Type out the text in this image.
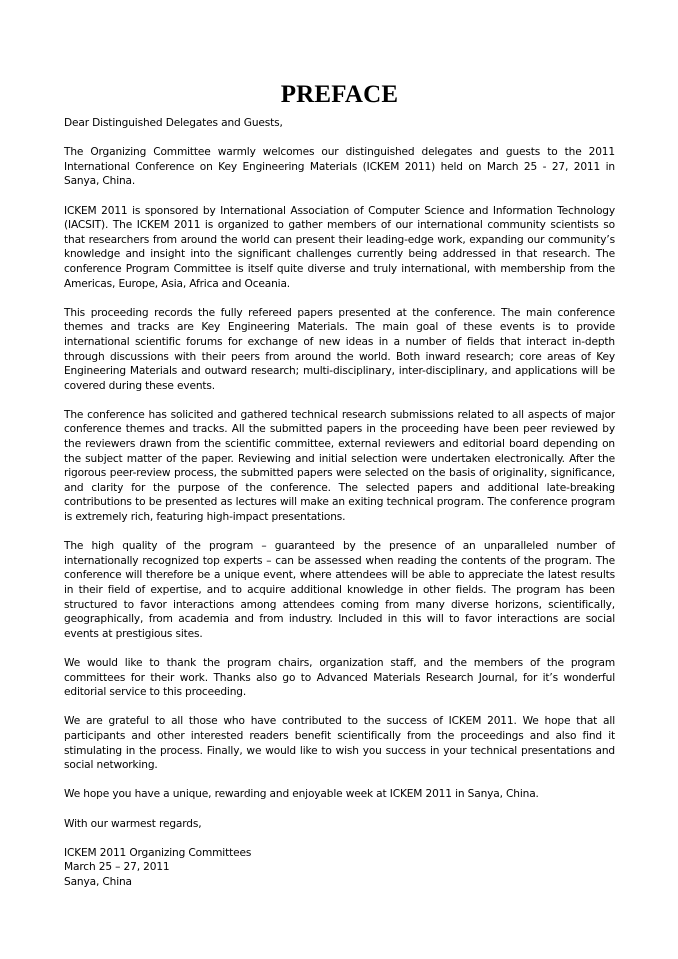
PREFACE

Dear Distinguished Delegates and Guests,

The Organizing Committee warmly welcomes our distinguished delegates and guests to the 2011 International Conference on Key Engineering Materials (ICKEM 2011) held on March 25 - 27, 2011 in Sanya, China.

ICKEM 2011 is sponsored by International Association of Computer Science and Information Technology (IACSIT). The ICKEM 2011 is organized to gather members of our international community scientists so that researchers from around the world can present their leading-edge work, expanding our community’s knowledge and insight into the significant challenges currently being addressed in that research. The conference Program Committee is itself quite diverse and truly international, with membership from the Americas, Europe, Asia, Africa and Oceania.

This proceeding records the fully refereed papers presented at the conference. The main conference themes and tracks are Key Engineering Materials. The main goal of these events is to provide international scientific forums for exchange of new ideas in a number of fields that interact in-depth through discussions with their peers from around the world. Both inward research; core areas of Key Engineering Materials and outward research; multi-disciplinary, inter-disciplinary, and applications will be covered during these events.

The conference has solicited and gathered technical research submissions related to all aspects of major conference themes and tracks. All the submitted papers in the proceeding have been peer reviewed by the reviewers drawn from the scientific committee, external reviewers and editorial board depending on the subject matter of the paper. Reviewing and initial selection were undertaken electronically. After the rigorous peer-review process, the submitted papers were selected on the basis of originality, significance, and clarity for the purpose of the conference. The selected papers and additional late-breaking contributions to be presented as lectures will make an exiting technical program. The conference program is extremely rich, featuring high-impact presentations.

The high quality of the program – guaranteed by the presence of an unparalleled number of internationally recognized top experts – can be assessed when reading the contents of the program. The conference will therefore be a unique event, where attendees will be able to appreciate the latest results in their field of expertise, and to acquire additional knowledge in other fields. The program has been structured to favor interactions among attendees coming from many diverse horizons, scientifically, geographically, from academia and from industry. Included in this will to favor interactions are social events at prestigious sites.

We would like to thank the program chairs, organization staff, and the members of the program committees for their work. Thanks also go to Advanced Materials Research Journal, for it’s wonderful editorial service to this proceeding.

We are grateful to all those who have contributed to the success of ICKEM 2011. We hope that all participants and other interested readers benefit scientifically from the proceedings and also find it stimulating in the process. Finally, we would like to wish you success in your technical presentations and social networking.

We hope you have a unique, rewarding and enjoyable week at ICKEM 2011 in Sanya, China.

With our warmest regards,

ICKEM 2011 Organizing Committees
March 25 – 27, 2011
Sanya, China
